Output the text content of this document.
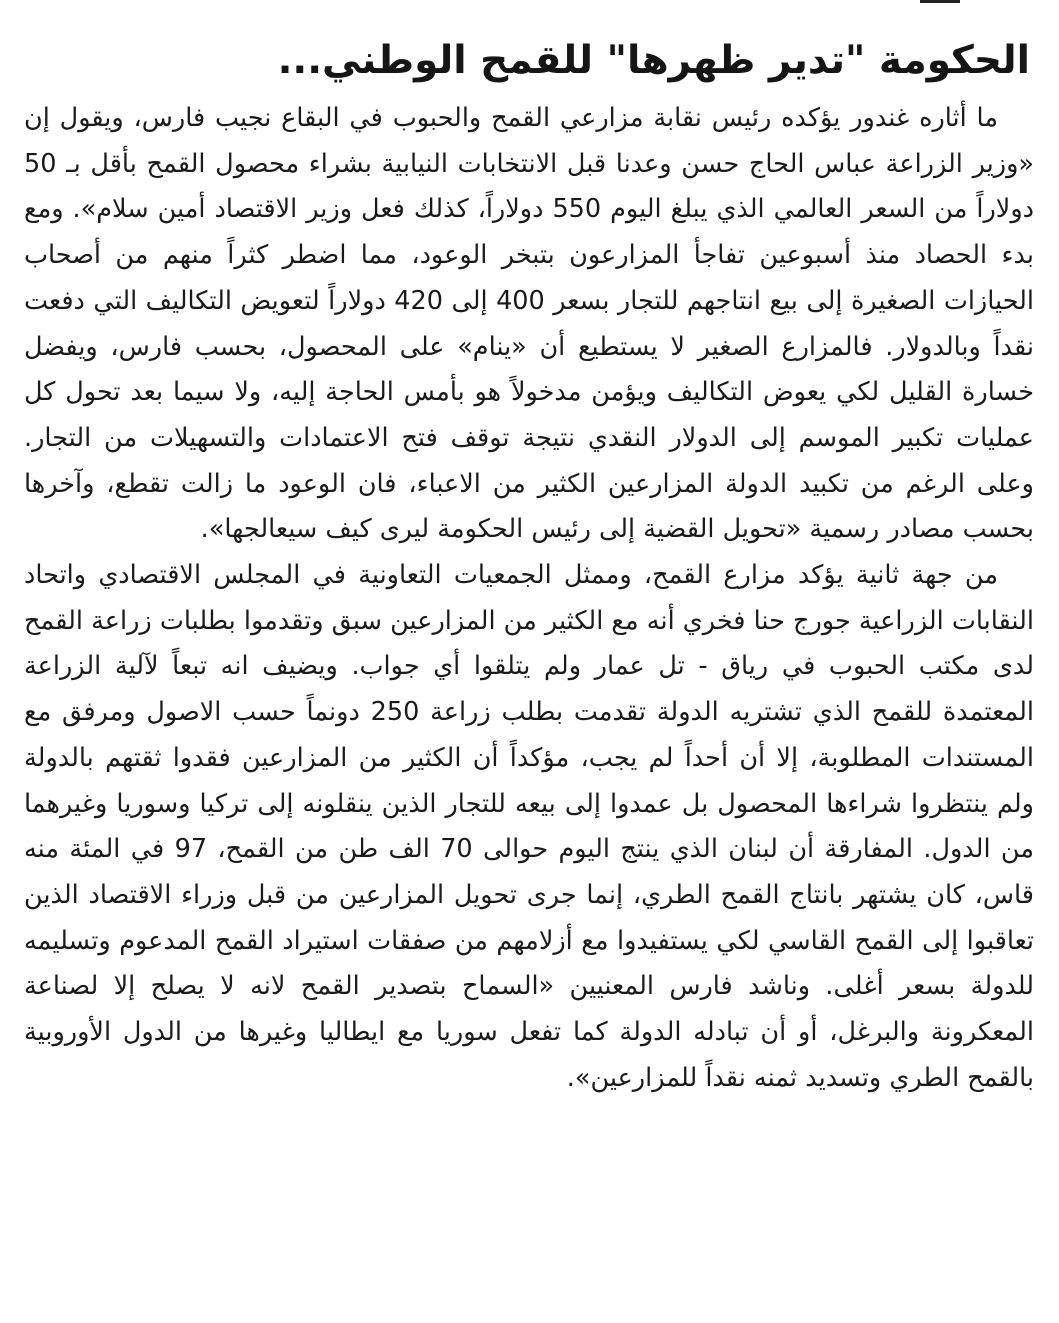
الحكومة "تدير ظهرها" للقمح الوطني...

ما أثاره غندور يؤكده رئيس نقابة مزارعي القمح والحبوب في البقاع نجيب فارس، ويقول إن «وزير الزراعة عباس الحاج حسن وعدنا قبل الانتخابات النيابية بشراء محصول القمح بأقل بـ 50 دولاراً من السعر العالمي الذي يبلغ اليوم 550 دولاراً، كذلك فعل وزير الاقتصاد أمين سلام». ومع بدء الحصاد منذ أسبوعين تفاجأ المزارعون بتبخر الوعود، مما اضطر كثراً منهم من أصحاب الحيازات الصغيرة إلى بيع انتاجهم للتجار بسعر 400 إلى 420 دولاراً لتعويض التكاليف التي دفعت نقداً وبالدولار. فالمزارع الصغير لا يستطيع أن «ينام» على المحصول، بحسب فارس، ويفضل خسارة القليل لكي يعوض التكاليف ويؤمن مدخولاً هو بأمس الحاجة إليه، ولا سيما بعد تحول كل عمليات تكبير الموسم إلى الدولار النقدي نتيجة توقف فتح الاعتمادات والتسهيلات من التجار. وعلى الرغم من تكبيد الدولة المزارعين الكثير من الاعباء، فان الوعود ما زالت تقطع، وآخرها بحسب مصادر رسمية «تحويل القضية إلى رئيس الحكومة ليرى كيف سيعالجها».

من جهة ثانية يؤكد مزارع القمح، وممثل الجمعيات التعاونية في المجلس الاقتصادي واتحاد النقابات الزراعية جورج حنا فخري أنه مع الكثير من المزارعين سبق وتقدموا بطلبات زراعة القمح لدى مكتب الحبوب في رياق - تل عمار ولم يتلقوا أي جواب. ويضيف انه تبعاً لآلية الزراعة المعتمدة للقمح الذي تشتريه الدولة تقدمت بطلب زراعة 250 دونماً حسب الاصول ومرفق مع المستندات المطلوبة، إلا أن أحداً لم يجب، مؤكداً أن الكثير من المزارعين فقدوا ثقتهم بالدولة ولم ينتظروا شراءها المحصول بل عمدوا إلى بيعه للتجار الذين ينقلونه إلى تركيا وسوريا وغيرهما من الدول. المفارقة أن لبنان الذي ينتج اليوم حوالى 70 الف طن من القمح، 97 في المئة منه قاس، كان يشتهر بانتاج القمح الطري، إنما جرى تحويل المزارعين من قبل وزراء الاقتصاد الذين تعاقبوا إلى القمح القاسي لكي يستفيدوا مع أزلامهم من صفقات استيراد القمح المدعوم وتسليمه للدولة بسعر أغلى. وناشد فارس المعنيين «السماح بتصدير القمح لانه لا يصلح إلا لصناعة المعكرونة والبرغل، أو أن تبادله الدولة كما تفعل سوريا مع ايطاليا وغيرها من الدول الأوروبية بالقمح الطري وتسديد ثمنه نقداً للمزارعين».
